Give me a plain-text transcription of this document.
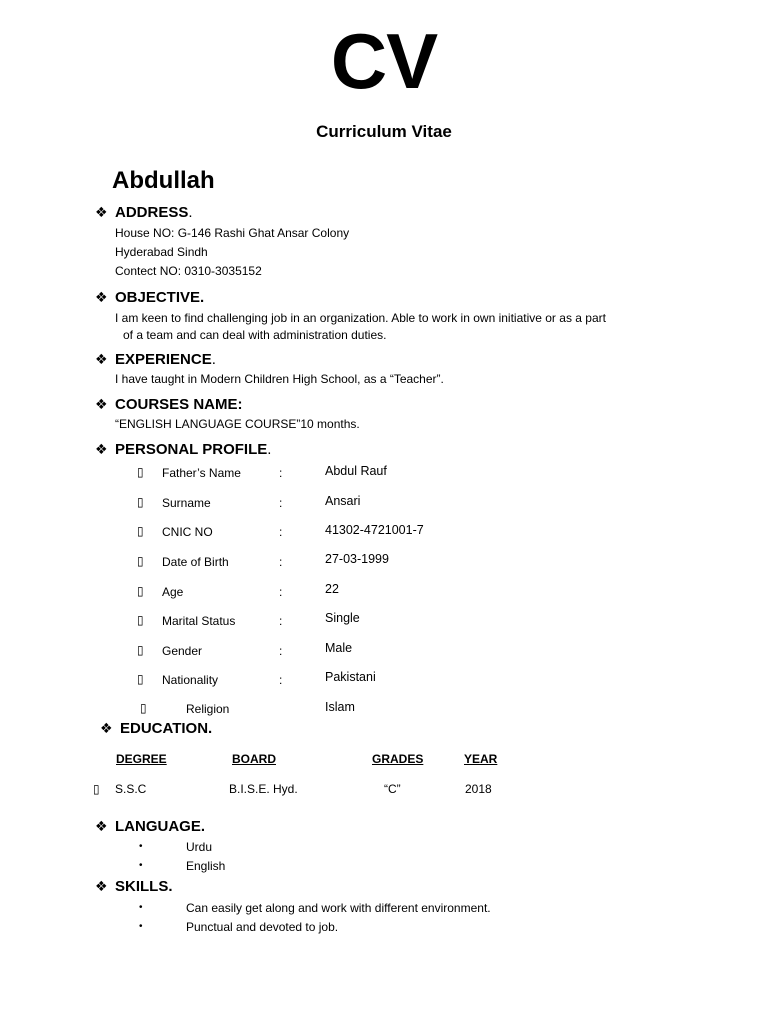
CV
Curriculum Vitae
Abdullah
❖ ADDRESS.
House NO: G-146 Rashi Ghat Ansar Colony
Hyderabad Sindh
Contect NO: 0310-3035152
❖ OBJECTIVE.
I am keen to find challenging job in an organization. Able to work in own initiative or as a part
of a team and can deal with administration duties.
❖ EXPERIENCE.
I have taught in Modern Children High School, as a “Teacher”.
❖ COURSES NAME:
“ENGLISH LANGUAGE COURSE”10 months.
❖ PERSONAL PROFILE.
▯ Father’s Name	:	Abdul Rauf
▯ Surname	:	Ansari
▯ CNIC NO	:	41302-4721001-7
▯ Date of Birth	:	27-03-1999
▯ Age	:	22
▯ Marital Status	:	Single
▯ Gender	:	Male
▯ Nationality	:	Pakistani
▯	Religion	Islam
❖ EDUCATION.
DEGREE	BOARD	GRADES	YEAR
▯ S.S.C	B.I.S.E. Hyd.	“C”	2018
❖ LANGUAGE.
•	Urdu
•	English
❖ SKILLS.
•	Can easily get along and work with different environment.
•	Punctual and devoted to job.
